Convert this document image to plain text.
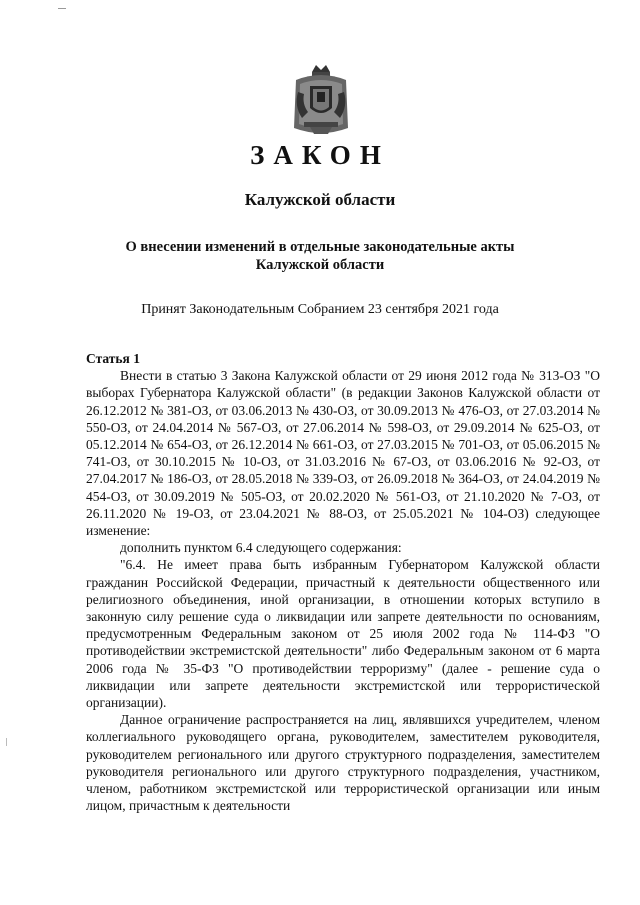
ЗАКОН
Калужской области
О внесении изменений в отдельные законодательные акты
Калужской области
Принят Законодательным Собранием 23 сентября 2021 года

Статья 1

Внести в статью 3 Закона Калужской области от 29 июня 2012 года № 313-ОЗ "О выборах Губернатора Калужской области" (в редакции Законов Калужской области от 26.12.2012 № 381-ОЗ, от 03.06.2013 № 430-ОЗ, от 30.09.2013 № 476-ОЗ, от 27.03.2014 № 550-ОЗ, от 24.04.2014 № 567-ОЗ, от 27.06.2014 № 598-ОЗ, от 29.09.2014 № 625-ОЗ, от 05.12.2014 № 654-ОЗ, от 26.12.2014 № 661-ОЗ, от 27.03.2015 № 701-ОЗ, от 05.06.2015 № 741-ОЗ, от 30.10.2015 № 10-ОЗ, от 31.03.2016 № 67-ОЗ, от 03.06.2016 № 92-ОЗ, от 27.04.2017 № 186-ОЗ, от 28.05.2018 № 339-ОЗ, от 26.09.2018 № 364-ОЗ, от 24.04.2019 № 454-ОЗ, от 30.09.2019 № 505-ОЗ, от 20.02.2020 № 561-ОЗ, от 21.10.2020 № 7-ОЗ, от 26.11.2020 № 19-ОЗ, от 23.04.2021 № 88-ОЗ, от 25.05.2021 № 104-ОЗ) следующее изменение:

дополнить пунктом 6.4 следующего содержания:

"6.4. Не имеет права быть избранным Губернатором Калужской области гражданин Российской Федерации, причастный к деятельности общественного или религиозного объединения, иной организации, в отношении которых вступило в законную силу решение суда о ликвидации или запрете деятельности по основаниям, предусмотренным Федеральным законом от 25 июля 2002 года № 114-ФЗ "О противодействии экстремистской деятельности" либо Федеральным законом от 6 марта 2006 года № 35-ФЗ "О противодействии терроризму" (далее - решение суда о ликвидации или запрете деятельности экстремистской или террористической организации).

Данное ограничение распространяется на лиц, являвшихся учредителем, членом коллегиального руководящего органа, руководителем, заместителем руководителя, руководителем регионального или другого структурного подразделения, заместителем руководителя регионального или другого структурного подразделения, участником, членом, работником экстремистской или террористической организации или иным лицом, причастным к деятельности
